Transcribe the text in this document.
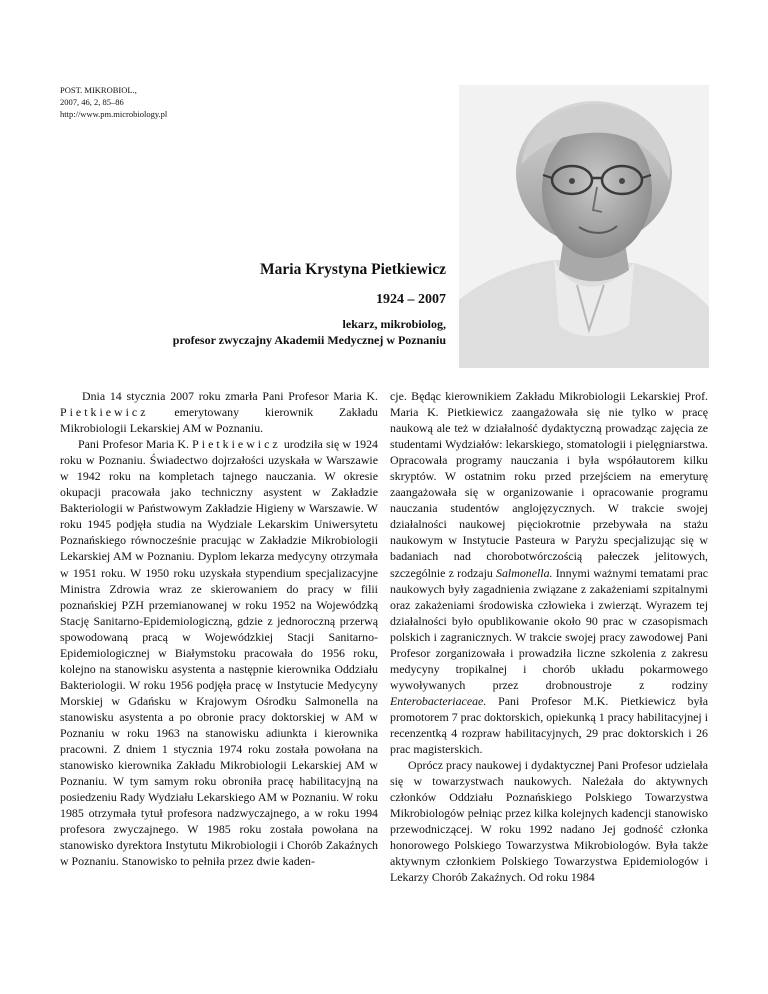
POST. MIKROBIOL.,
2007, 46, 2, 85–86
http://www.pm.microbiology.pl
Maria Krystyna Pietkiewicz
1924 – 2007
lekarz, mikrobiolog,
profesor zwyczajny Akademii Medycznej w Poznaniu

Dnia 14 stycznia 2007 roku zmarła Pani Profesor Maria K. Pietkiewicz emerytowany kierownik Zakładu Mikrobiologii Lekarskiej AM w Poznaniu.

Pani Profesor Maria K. Pietkiewicz urodziła się w 1924 roku w Poznaniu. Świadectwo dojrzałości uzyskała w Warszawie w 1942 roku na kompletach tajnego nauczania. W okresie okupacji pracowała jako techniczny asystent w Zakładzie Bakteriologii w Państwowym Zakładzie Higieny w Warszawie. W roku 1945 podjęła studia na Wydziale Lekarskim Uniwersytetu Poznańskiego równocześnie pracując w Zakładzie Mikrobiologii Lekarskiej AM w Poznaniu. Dyplom lekarza medycyny otrzymała w 1951 roku. W 1950 roku uzyskała stypendium specjalizacyjne Ministra Zdrowia wraz ze skierowaniem do pracy w filii poznańskiej PZH przemianowanej w roku 1952 na Wojewódzką Stację Sanitarno-Epidemiologiczną, gdzie z jednoroczną przerwą spowodowaną pracą w Wojewódzkiej Stacji Sanitarno-Epidemiologicznej w Białymstoku pracowała do 1956 roku, kolejno na stanowisku asystenta a następnie kierownika Oddziału Bakteriologii. W roku 1956 podjęła pracę w Instytucie Medycyny Morskiej w Gdańsku w Krajowym Ośrodku Salmonella na stanowisku asystenta a po obronie pracy doktorskiej w AM w Poznaniu w roku 1963 na stanowisku adiunkta i kierownika pracowni. Z dniem 1 stycznia 1974 roku została powołana na stanowisko kierownika Zakładu Mikrobiologii Lekarskiej AM w Poznaniu. W tym samym roku obroniła pracę habilitacyjną na posiedzeniu Rady Wydziału Lekarskiego AM w Poznaniu. W roku 1985 otrzymała tytuł profesora nadzwyczajnego, a w roku 1994 profesora zwyczajnego. W 1985 roku została powołana na stanowisko dyrektora Instytutu Mikrobiologii i Chorób Zakaźnych w Poznaniu. Stanowisko to pełniła przez dwie kaden-

cje. Będąc kierownikiem Zakładu Mikrobiologii Lekarskiej Prof. Maria K. Pietkiewicz zaangażowała się nie tylko w pracę naukową ale też w działalność dydaktyczną prowadząc zajęcia ze studentami Wydziałów: lekarskiego, stomatologii i pielęgniarstwa. Opracowała programy nauczania i była współautorem kilku skryptów. W ostatnim roku przed przejściem na emeryturę zaangażowała się w organizowanie i opracowanie programu nauczania studentów anglojęzycznych. W trakcie swojej działalności naukowej pięciokrotnie przebywała na stażu naukowym w Instytucie Pasteura w Paryżu specjalizując się w badaniach nad chorobotwórczością pałeczek jelitowych, szczególnie z rodzaju Salmonella. Innymi ważnymi tematami prac naukowych były zagadnienia związane z zakażeniami szpitalnymi oraz zakażeniami środowiska człowieka i zwierząt. Wyrazem tej działalności było opublikowanie około 90 prac w czasopismach polskich i zagranicznych. W trakcie swojej pracy zawodowej Pani Profesor zorganizowała i prowadziła liczne szkolenia z zakresu medycyny tropikalnej i chorób układu pokarmowego wywoływanych przez drobnoustroje z rodziny Enterobacteriaceae. Pani Profesor M.K. Pietkiewicz była promotorem 7 prac doktorskich, opiekunką 1 pracy habilitacyjnej i recenzentką 4 rozpraw habilitacyjnych, 29 prac doktorskich i 26 prac magisterskich.

Oprócz pracy naukowej i dydaktycznej Pani Profesor udzielała się w towarzystwach naukowych. Należała do aktywnych członków Oddziału Poznańskiego Polskiego Towarzystwa Mikrobiologów pełniąc przez kilka kolejnych kadencji stanowisko przewodniczącej. W roku 1992 nadano Jej godność członka honorowego Polskiego Towarzystwa Mikrobiologów. Była także aktywnym członkiem Polskiego Towarzystwa Epidemiologów i Lekarzy Chorób Zakaźnych. Od roku 1984
